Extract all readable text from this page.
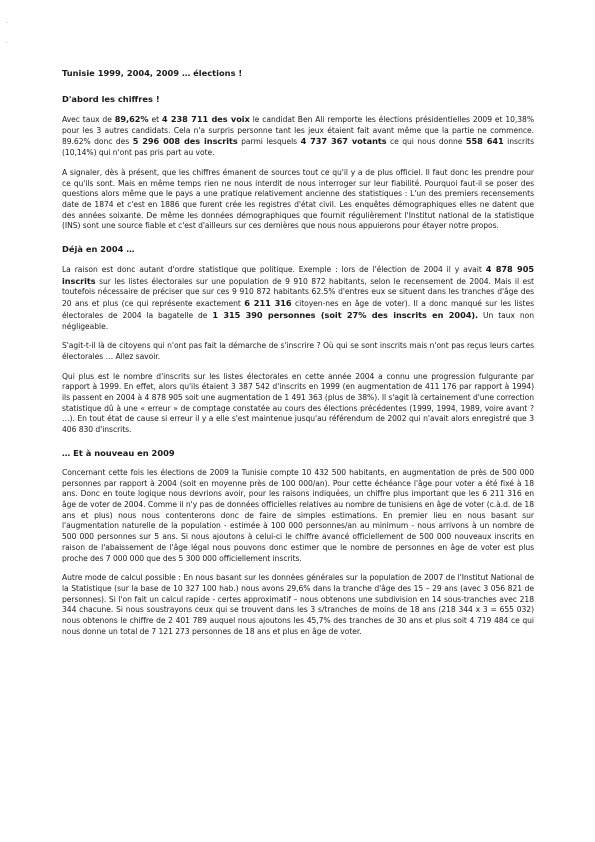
·
·
Tunisie 1999, 2004, 2009 … élections !
D'abord les chiffres !

Avec taux de 89,62% et 4 238 711 des voix le candidat Ben Ali remporte les élections présidentielles 2009 et 10,38% pour les 3 autres candidats. Cela n'a surpris personne tant les jeux étaient fait avant même que la partie ne commence. 89.62% donc des 5 296 008 des inscrits parmi lesquels 4 737 367 votants ce qui nous donne 558 641 inscrits (10,14%) qui n'ont pas pris part au vote.

A signaler, dès à présent, que les chiffres émanent de sources tout ce qu'il y a de plus officiel. Il faut donc les prendre pour ce qu'ils sont. Mais en même temps rien ne nous interdit de nous interroger sur leur fiabilité. Pourquoi faut-il se poser des questions alors même que le pays a une pratique relativement ancienne des statistiques : L'un des premiers recensements date de 1874 et c'est en 1886 que furent crée les registres d'état civil. Les enquêtes démographiques elles ne datent que des années soixante. De même les données démographiques que fournit régulièrement l'Institut national de la statistique (INS) sont une source fiable et c'est d'ailleurs sur ces dernières que nous nous appuierons pour étayer notre propos.

Déjà en 2004 …

La raison est donc autant d'ordre statistique que politique. Exemple : lors de l'élection de 2004 il y avait 4 878 905 inscrits sur les listes électorales sur une population de 9 910 872 habitants, selon le recensement de 2004. Mais il est toutefois nécessaire de préciser que sur ces 9 910 872 habitants 62.5% d'entres eux se situent dans les tranches d'âge des 20 ans et plus (ce qui représente exactement 6 211 316 citoyen-nes en âge de voter). Il a donc manqué sur les listes électorales de 2004 la bagatelle de 1 315 390 personnes (soit 27% des inscrits en 2004). Un taux non négligeable.

S'agit-t-il là de citoyens qui n'ont pas fait la démarche de s'inscrire ? Où qui se sont inscrits mais n'ont pas reçus leurs cartes électorales … Allez savoir.

Qui plus est le nombre d'inscrits sur les listes électorales en cette année 2004 a connu une progression fulgurante par rapport à 1999. En effet, alors qu'ils étaient 3 387 542 d'inscrits en 1999 (en augmentation de 411 176 par rapport à 1994) ils passent en 2004 à 4 878 905 soit une augmentation de 1 491 363 (plus de 38%). Il s'agit là certainement d'une correction statistique dû à une « erreur » de comptage constatée au cours des élections précédentes (1999, 1994, 1989, voire avant ? …). En tout état de cause si erreur il y a elle s'est maintenue jusqu'au référendum de 2002 qui n'avait alors enregistré que 3 406 830 d'inscrits.

… Et à nouveau en 2009

Concernant cette fois les élections de 2009 la Tunisie compte 10 432 500 habitants, en augmentation de près de 500 000 personnes par rapport à 2004 (soit en moyenne près de 100 000/an). Pour cette échéance l'âge pour voter a été fixé à 18 ans. Donc en toute logique nous devrions avoir, pour les raisons indiquées, un chiffre plus important que les 6 211 316 en âge de voter de 2004. Comme il n'y pas de données officielles relatives au nombre de tunisiens en âge de voter (c.à.d. de 18 ans et plus) nous nous contenterons donc de faire de simples estimations. En premier lieu en nous basant sur l'augmentation naturelle de la population - estimée à 100 000 personnes/an au minimum - nous arrivons à un nombre de 500 000 personnes sur 5 ans. Si nous ajoutons à celui-ci le chiffre avancé officiellement de 500 000 nouveaux inscrits en raison de l'abaissement de l'âge légal nous pouvons donc estimer que le nombre de personnes en âge de voter est plus proche des 7 000 000 que des 5 300 000 officiellement inscrits.

Autre mode de calcul possible : En nous basant sur les données générales sur la population de 2007 de l'Institut National de la Statistique (sur la base de 10 327 100 hab.) nous avons 29,6% dans la tranche d'âge des 15 – 29 ans (avec 3 056 821 de personnes). Si l'on fait un calcul rapide - certes approximatif – nous obtenons une subdivision en 14 sous-tranches avec 218 344 chacune. Si nous soustrayons ceux qui se trouvent dans les 3 s/tranches de moins de 18 ans (218 344 x 3 = 655 032) nous obtenons le chiffre de 2 401 789 auquel nous ajoutons les 45,7% des tranches de 30 ans et plus soit 4 719 484 ce qui nous donne un total de 7 121 273 personnes de 18 ans et plus en âge de voter.
